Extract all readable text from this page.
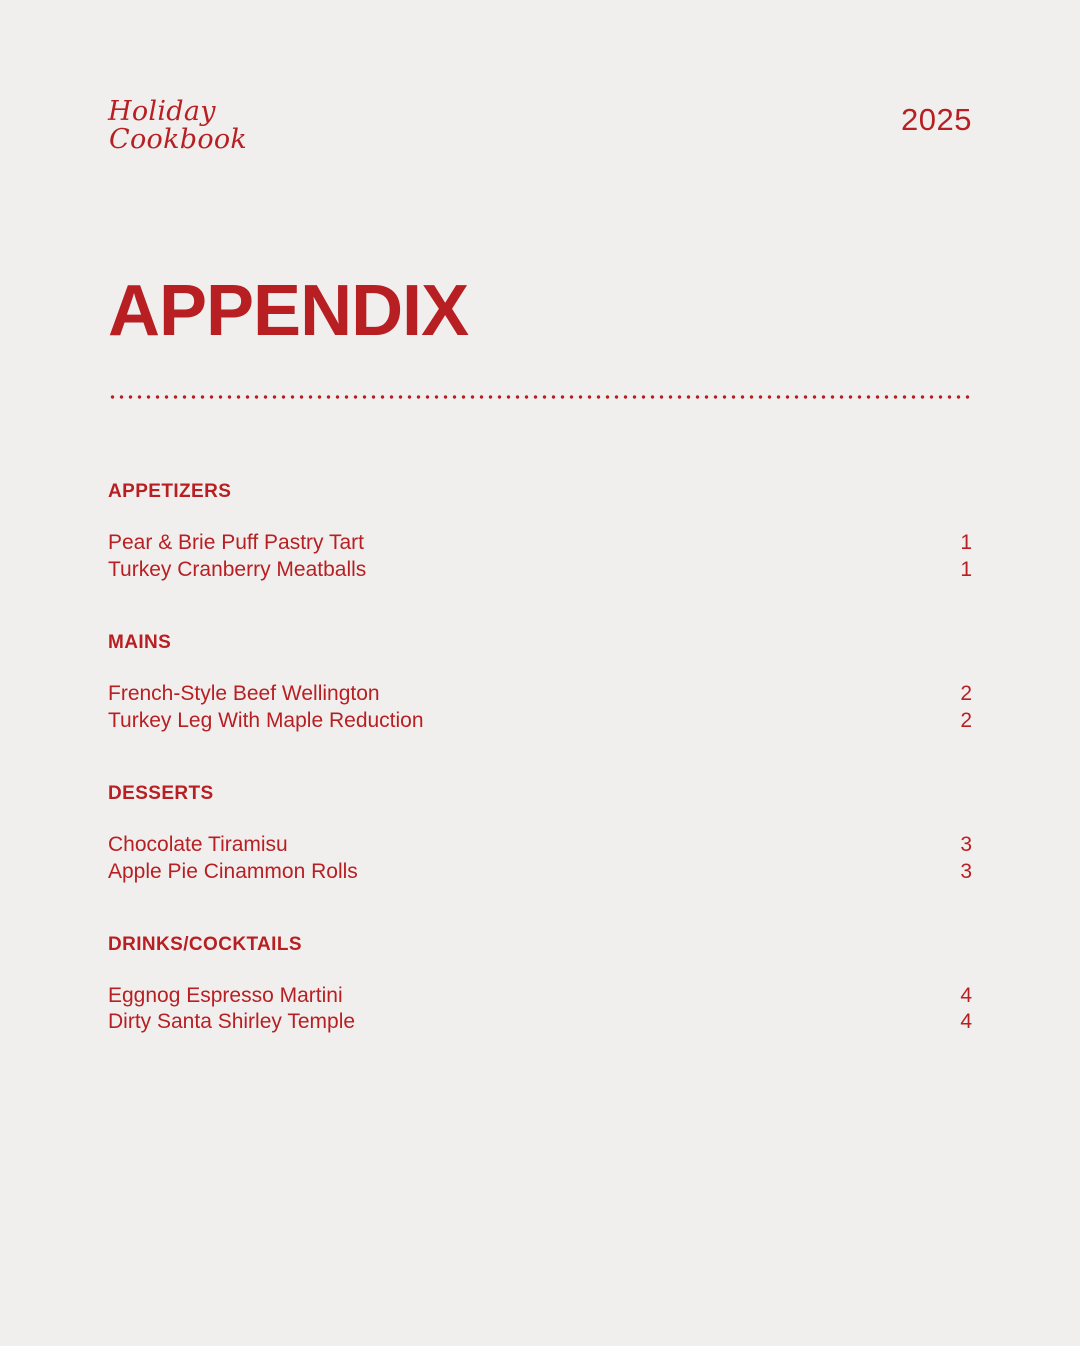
Holiday
Cookbook
2025
APPENDIX
APPETIZERS
Pear & Brie Puff Pastry Tart	1
Turkey Cranberry Meatballs	1
MAINS
French-Style Beef Wellington	2
Turkey Leg With Maple Reduction	2
DESSERTS
Chocolate Tiramisu	3
Apple Pie Cinammon Rolls	3
DRINKS/COCKTAILS
Eggnog Espresso Martini	4
Dirty Santa Shirley Temple	4
